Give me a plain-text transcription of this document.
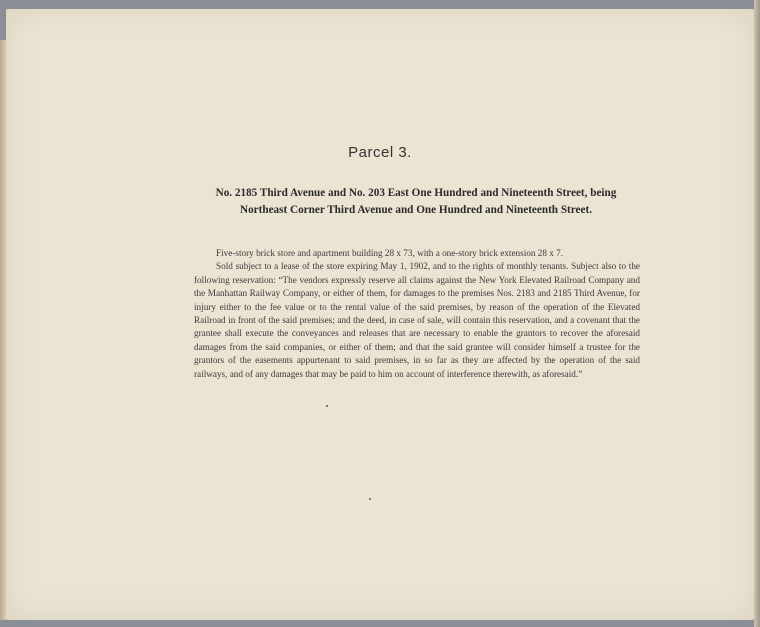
Parcel 3.
No. 2185 Third Avenue and No. 203 East One Hundred and Nineteenth Street, being Northeast Corner Third Avenue and One Hundred and Nineteenth Street.

Five-story brick store and apartment building 28 x 73, with a one-story brick extension 28 x 7.

Sold subject to a lease of the store expiring May 1, 1902, and to the rights of monthly tenants. Subject also to the following reservation: “The vendors expressly reserve all claims against the New York Elevated Railroad Company and the Manhattan Railway Company, or either of them, for damages to the premises Nos. 2183 and 2185 Third Avenue, for injury either to the fee value or to the rental value of the said premises, by reason of the operation of the Elevated Railroad in front of the said premises; and the deed, in case of sale, will contain this reservation, and a covenant that the grantee shall execute the conveyances and releases that are necessary to enable the grantors to recover the aforesaid damages from the said companies, or either of them; and that the said grantee will consider himself a trustee for the grantors of the easements appurtenant to said premises, in so far as they are affected by the operation of the said railways, and of any damages that may be paid to him on account of interference therewith, as aforesaid.”
